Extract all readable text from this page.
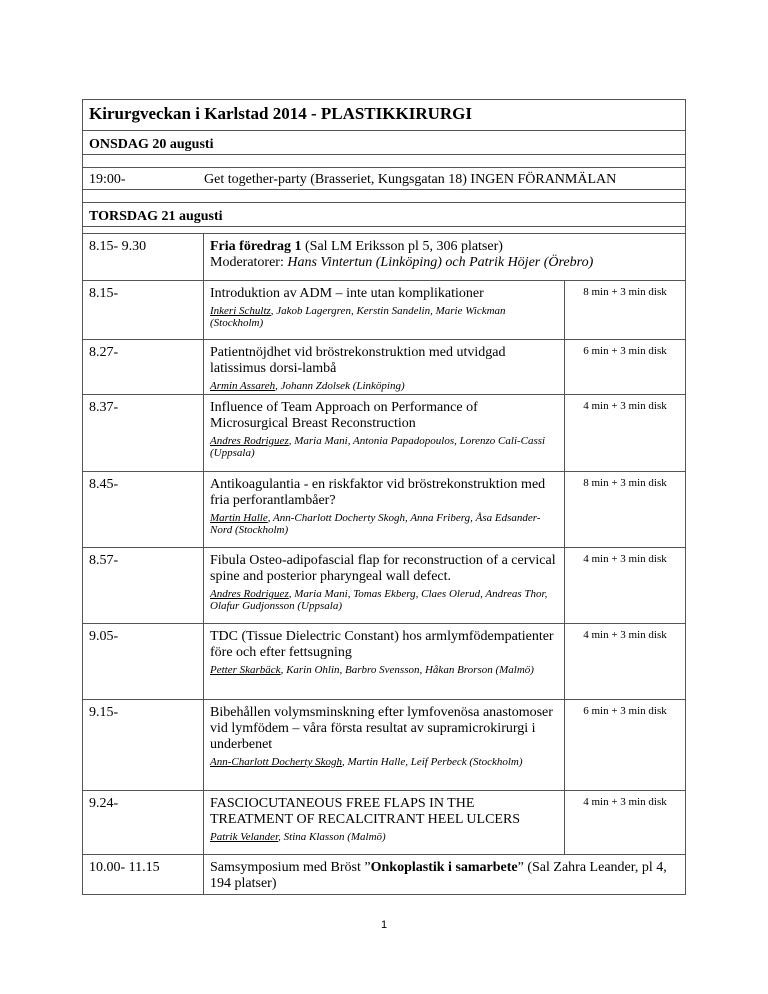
Kirurgveckan i Karlstad 2014 - PLASTIKKIRURGI		
ONSDAG 20 augusti		

19:00- Get together-party (Brasseriet, Kungsgatan 18) INGEN FÖRANMÄLAN		

TORSDAG 21 augusti		

8.15- 9.30	Fria föredrag 1 (Sal LM Eriksson pl 5, 306 platser)
Moderatorer: Hans Vintertun (Linköping) och Patrik Höjer (Örebro)	
8.15-	Introduktion av ADM – inte utan komplikationer
Inkeri Schultz, Jakob Lagergren, Kerstin Sandelin, Marie Wickman (Stockholm)	8 min + 3 min disk
8.27-	Patientnöjdhet vid bröstrekonstruktion med utvidgad latissimus dorsi-lambå
Armin Assareh, Johann Zdolsek (Linköping)	6 min + 3 min disk
8.37-	Influence of Team Approach on Performance of Microsurgical Breast Reconstruction
Andres Rodriguez, Maria Mani, Antonia Papadopoulos, Lorenzo Cali-Cassi (Uppsala)	4 min + 3 min disk
8.45-	Antikoagulantia - en riskfaktor vid bröstrekonstruktion med fria perforantlambåer?
Martin Halle, Ann-Charlott Docherty Skogh, Anna Friberg, Åsa Edsander-Nord (Stockholm)	8 min + 3 min disk
8.57-	Fibula Osteo-adipofascial flap for reconstruction of a cervical spine and posterior pharyngeal wall defect.
Andres Rodriguez, Maria Mani, Tomas Ekberg, Claes Olerud, Andreas Thor, Olafur Gudjonsson (Uppsala)	4 min + 3 min disk
9.05-	TDC (Tissue Dielectric Constant) hos armlymfödempatienter före och efter fettsugning
Petter Skarbäck, Karin Ohlin, Barbro Svensson, Håkan Brorson (Malmö)	4 min + 3 min disk
9.15-	Bibehållen volymsminskning efter lymfovenösa anastomoser vid lymfödem – våra första resultat av supramicrokirurgi i underbenet
Ann-Charlott Docherty Skogh, Martin Halle, Leif Perbeck (Stockholm)	6 min + 3 min disk
9.24-	FASCIOCUTANEOUS FREE FLAPS IN THE TREATMENT OF RECALCITRANT HEEL ULCERS
Patrik Velander, Stina Klasson (Malmö)	4 min + 3 min disk
10.00- 11.15	Samsymposium med Bröst ”Onkoplastik i samarbete” (Sal Zahra Leander, pl 4, 194 platser)	
1
